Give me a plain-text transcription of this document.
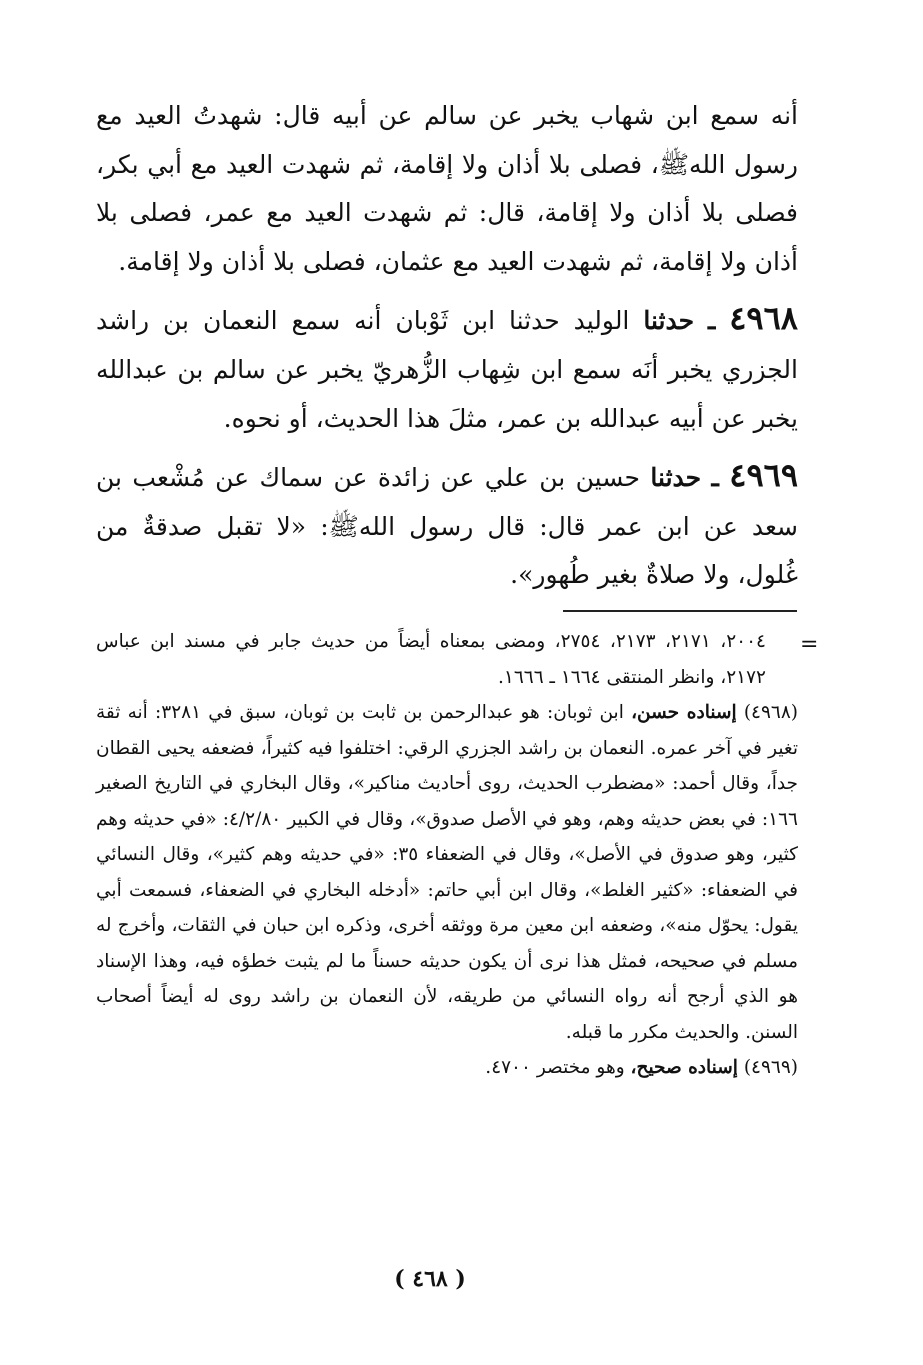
أنه سمع ابن شهاب يخبر عن سالم عن أبيه قال: شهدتُ العيد مع رسول اللهﷺ، فصلى بلا أذان ولا إقامة، ثم شهدت العيد مع أبي بكر، فصلى بلا أذان ولا إقامة، قال: ثم شهدت العيد مع عمر، فصلى بلا أذان ولا إقامة، ثم شهدت العيد مع عثمان، فصلى بلا أذان ولا إقامة.

٤٩٦٨ ـ حدثنا الوليد حدثنا ابن ثَوْبان أنه سمع النعمان بن راشد الجزري يخبر أنَه سمع ابن شِهاب الزُّهريّ يخبر عن سالم بن عبدالله يخبر عن أبيه عبدالله بن عمر، مثلَ هذا الحديث، أو نحوه.

٤٩٦٩ ـ حدثنا حسين بن علي عن زائدة عن سماك عن مُشْعب بن سعد عن ابن عمر قال: قال رسول اللهﷺ: «لا تقبل صدقةٌ من غُلول، ولا صلاةٌ بغير طُهور».

=

٢٠٠٤، ٢١٧١، ٢١٧٣، ٢٧٥٤، ومضى بمعناه أيضاً من حديث جابر في مسند ابن عباس ٢١٧٢، وانظر المنتقى ١٦٦٤ ـ ١٦٦٦.

(٤٩٦٨) إسناده حسن، ابن ثوبان: هو عبدالرحمن بن ثابت بن ثوبان، سبق في ٣٢٨١: أنه ثقة تغير في آخر عمره. النعمان بن راشد الجزري الرقي: اختلفوا فيه كثيراً، فضعفه يحيى القطان جداً، وقال أحمد: «مضطرب الحديث، روى أحاديث مناكير»، وقال البخاري في التاريخ الصغير ١٦٦: في بعض حديثه وهم، وهو في الأصل صدوق»، وقال في الكبير ٤/٢/٨٠: «في حديثه وهم كثير، وهو صدوق في الأصل»، وقال في الضعفاء ٣٥: «في حديثه وهم كثير»، وقال النسائي في الضعفاء: «كثير الغلط»، وقال ابن أبي حاتم: «أدخله البخاري في الضعفاء، فسمعت أبي يقول: يحوّل منه»، وضعفه ابن معين مرة ووثقه أخرى، وذكره ابن حبان في الثقات، وأخرج له مسلم في صحيحه، فمثل هذا نرى أن يكون حديثه حسناً ما لم يثبت خطؤه فيه، وهذا الإسناد هو الذي أرجح أنه رواه النسائي من طريقه، لأن النعمان بن راشد روى له أيضاً أصحاب السنن. والحديث مكرر ما قبله.

(٤٩٦٩) إسناده صحيح، وهو مختصر ٤٧٠٠.

( ٤٦٨ )
